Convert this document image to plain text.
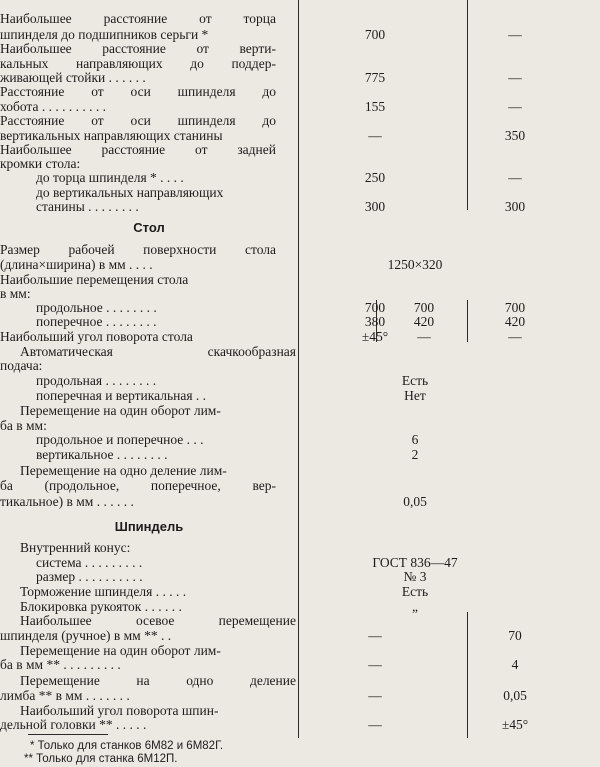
* Только для станков 6М82 и 6М82Г.
** Только для станка 6М12П.
Наибольшее расстояние от торца
шпинделя до подшипников серьги *	700	—
Наибольшее расстояние от верти-
кальных направляющих до поддер-
живающей стойки . . . . . .	775	—
Расстояние от оси шпинделя до
хобота . . . . . . . . . .	155	—
Расстояние от оси шпинделя до
вертикальных направляющих станины	—	350
Наибольшее расстояние от задней
кромки стола:
до торца шпинделя * . . . .	250	—
до вертикальных направляющих
станины . . . . . . . .	300	300
Стол
Размер рабочей поверхности стола
(длина×ширина) в мм . . . .	1250×320
Наибольшие перемещения стола
в мм:
продольное . . . . . . . .	700	700	700
поперечное . . . . . . . .	380	420	420
Наибольший угол поворота стола	±45°	—	—
Автоматическая скачкообразная
подача:
продольная . . . . . . . .	Есть
поперечная и вертикальная . .	Нет
Перемещение на один оборот лим-
ба в мм:
продольное и поперечное . . .	6
вертикальное . . . . . . . .	2
Перемещение на одно деление лим-
ба (продольное, поперечное, вер-
тикальное) в мм . . . . . .	0,05
Шпиндель
Внутренний конус:
система . . . . . . . . .	ГОСТ 836—47
размер . . . . . . . . . .	№ 3
Торможение шпинделя . . . . .	Есть
Блокировка рукояток . . . . . .	„
Наибольшее осевое перемещение
шпинделя (ручное) в мм ** . .	—	70
Перемещение на один оборот лим-
ба в мм ** . . . . . . . . .	—	4
Перемещение на одно деление
лимба ** в мм . . . . . . .	—	0,05
Наибольший угол поворота шпин-
дельной головки ** . . . . .	—	±45°
